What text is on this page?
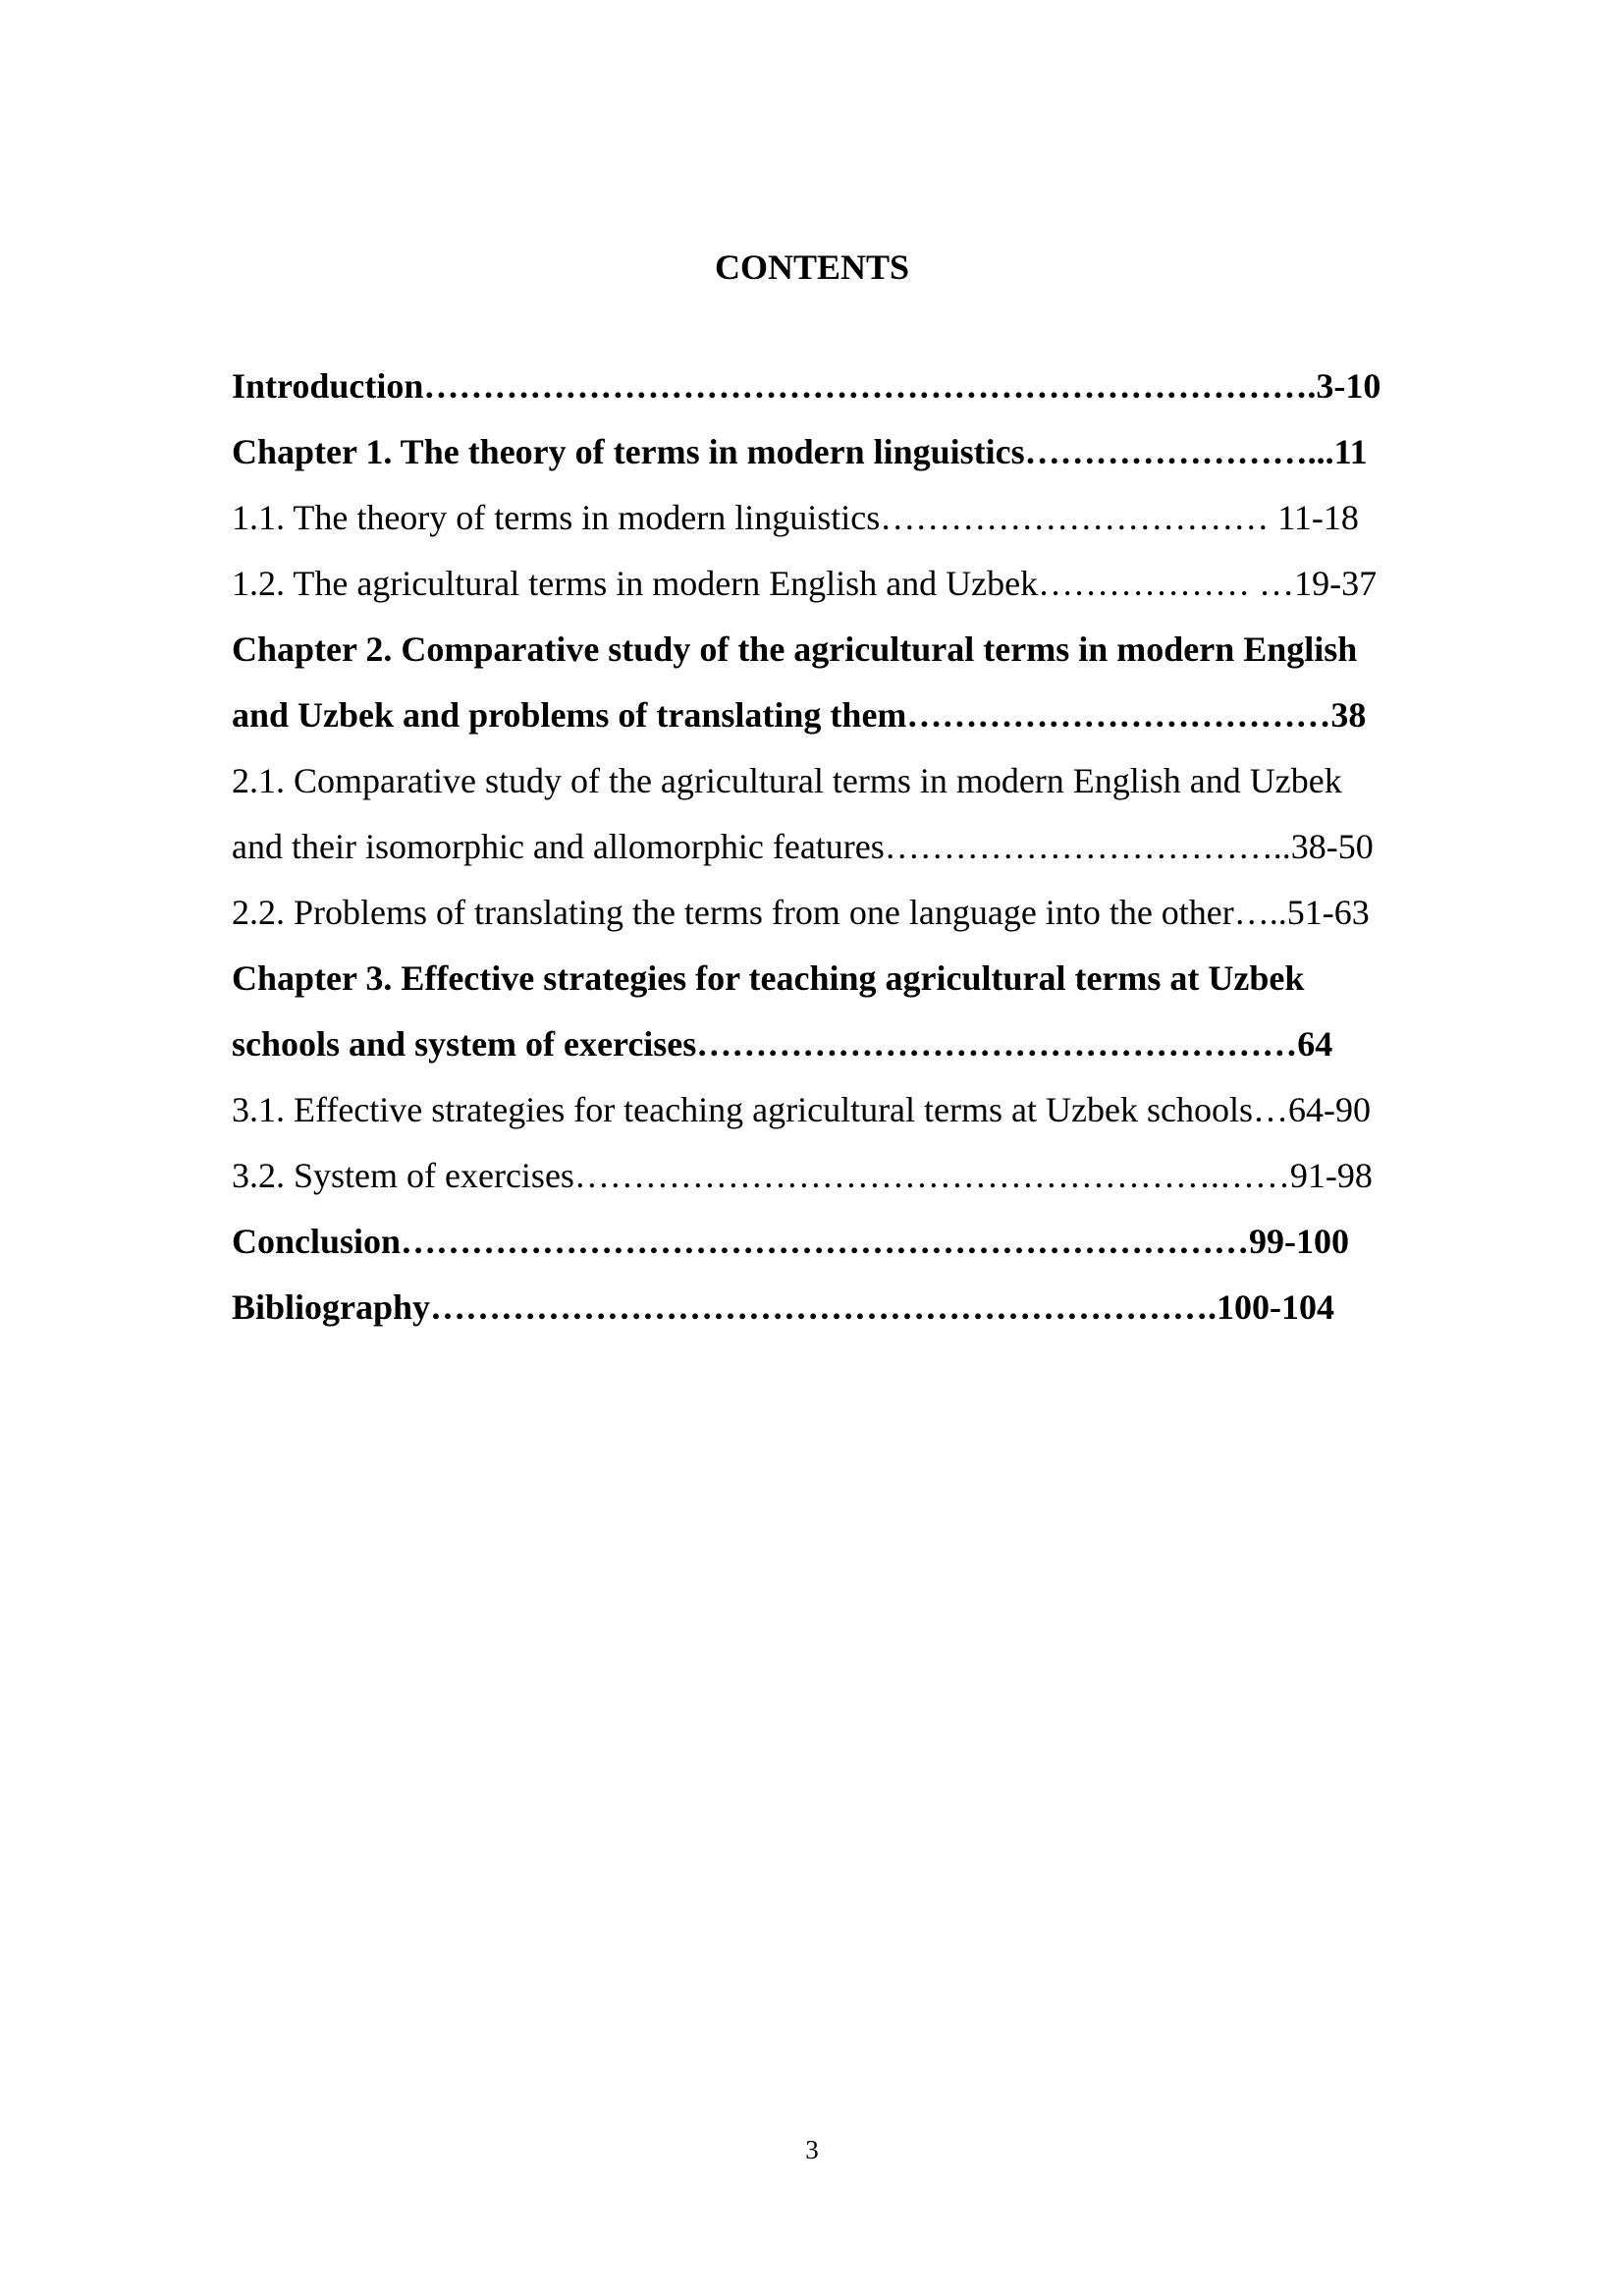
CONTENTS
Introduction………………………………………………………………….3-10
Chapter 1. The theory of terms in modern linguistics……………………...11
1.1. The theory of terms in modern linguistics…………………………… 11-18
1.2. The agricultural terms in modern English and Uzbek……………… …19-37
Chapter 2. Comparative study of the agricultural terms in modern English
and Uzbek and problems of translating them………………………………38
2.1. Comparative study of the agricultural terms in modern English and Uzbek
and their isomorphic and allomorphic features……………………………..38-50
2.2. Problems of translating the terms from one language into the other…..51-63
Chapter 3. Effective strategies for teaching agricultural terms at Uzbek
schools and system of exercises……………………………………………64
3.1. Effective strategies for teaching agricultural terms at Uzbek schools…64-90
3.2. System of exercises……………………………………………….……91-98
Conclusion………………………………………………………………99-100
Bibliography………………………………………………………….100-104
3
